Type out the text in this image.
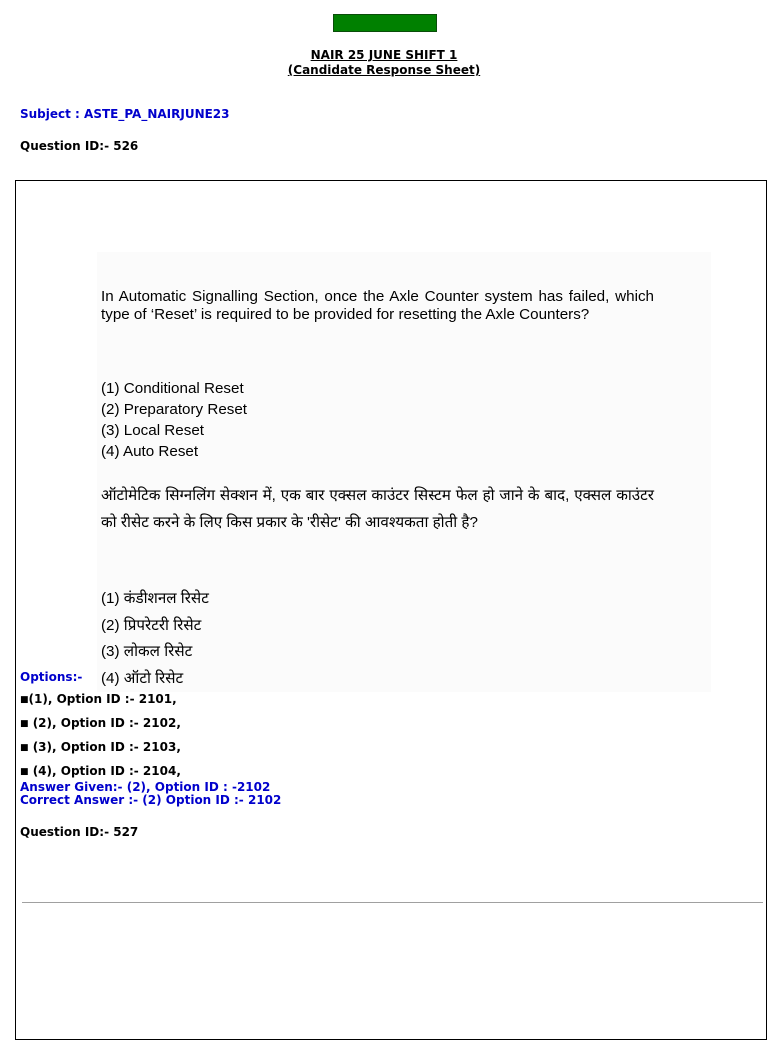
NAIR 25 JUNE SHIFT 1
(Candidate Response Sheet)
Subject : ASTE_PA_NAIRJUNE23
Question ID:- 526
In Automatic Signalling Section, once the Axle Counter system has failed, which type of ‘Reset’ is required to be provided for resetting the Axle Counters?
(1) Conditional Reset
(2) Preparatory Reset
(3) Local Reset
(4) Auto Reset
ऑटोमेटिक सिग्नलिंग सेक्शन में, एक बार एक्सल काउंटर सिस्टम फेल हो जाने के बाद, एक्सल काउंटर को रीसेट करने के लिए किस प्रकार के 'रीसेट' की आवश्यकता होती है?
(1) कंडीशनल रिसेट
(2) प्रिपरेटरी रिसेट
(3) लोकल रिसेट
(4) ऑटो रिसेट
Options:-
■(1), Option ID :- 2101,
■ (2), Option ID :- 2102,
■ (3), Option ID :- 2103,
■ (4), Option ID :- 2104,
Answer Given:- (2), Option ID : -2102
Correct Answer :- (2) Option ID :- 2102
Question ID:- 527
